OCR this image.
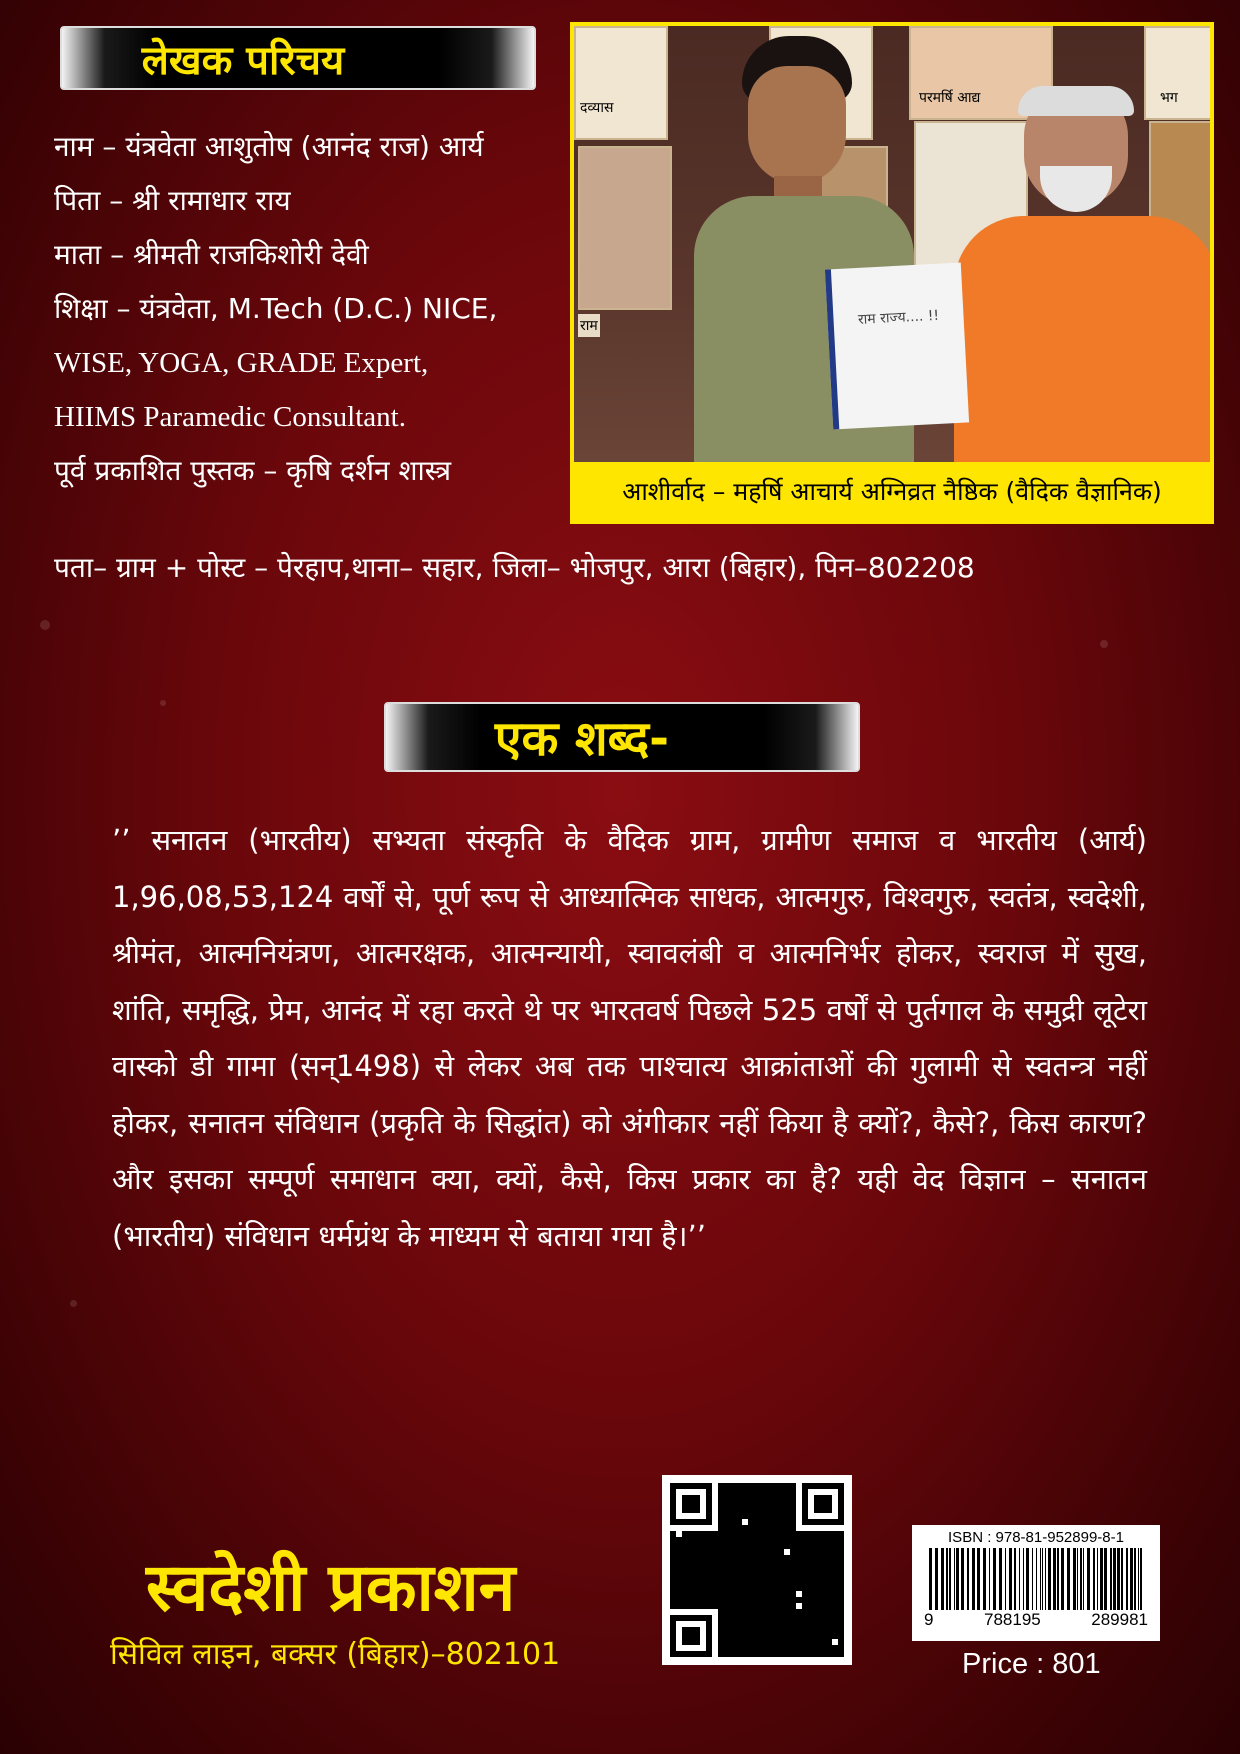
लेखक परिचय
नाम – यंत्रवेता आशुतोष (आनंद राज) आर्य
पिता – श्री रामाधार राय
माता – श्रीमती राजकिशोरी देवी
शिक्षा – यंत्रवेता, M.Tech (D.C.) NICE,
WISE, YOGA, GRADE Expert,
HIIMS Paramedic Consultant.
पूर्व प्रकाशित पुस्तक – कृषि दर्शन शास्त्र
पता– ग्राम + पोस्ट – पेरहाप,थाना– सहार, जिला– भोजपुर, आरा (बिहार), पिन–802208
दव्यास
परमर्षि आद्य	भग
राम	राम राज्य.... !!
आशीर्वाद – महर्षि आचार्य अग्निव्रत नैष्ठिक (वैदिक वैज्ञानिक)
एक शब्द-
’’ सनातन (भारतीय) सभ्यता संस्कृति के वैदिक ग्राम, ग्रामीण समाज व भारतीय (आर्य) 1,96,08,53,124 वर्षों से, पूर्ण रूप से आध्यात्मिक साधक, आत्मगुरु, विश्वगुरु, स्वतंत्र, स्वदेशी, श्रीमंत, आत्मनियंत्रण, आत्मरक्षक, आत्मन्यायी, स्वावलंबी व आत्मनिर्भर होकर, स्वराज में सुख, शांति, समृद्धि, प्रेम, आनंद में रहा करते थे पर भारतवर्ष पिछले 525 वर्षों से पुर्तगाल के समुद्री लूटेरा वास्को डी गामा (सन्1498) से लेकर अब तक पाश्चात्य आक्रांताओं की गुलामी से स्वतन्त्र नहीं होकर, सनातन संविधान (प्रकृति के सिद्धांत) को अंगीकार नहीं किया है क्यों?, कैसे?, किस कारण? और इसका सम्पूर्ण समाधान क्या, क्यों, कैसे, किस प्रकार का है? यही वेद विज्ञान – सनातन (भारतीय) संविधान धर्मग्रंथ के माध्यम से बताया गया है।’’
स्वदेशी प्रकाशन
सिविल लाइन, बक्सर (बिहार)–802101
ISBN : 978-81-952899-8-1
9	788195	289981
Price : 801
